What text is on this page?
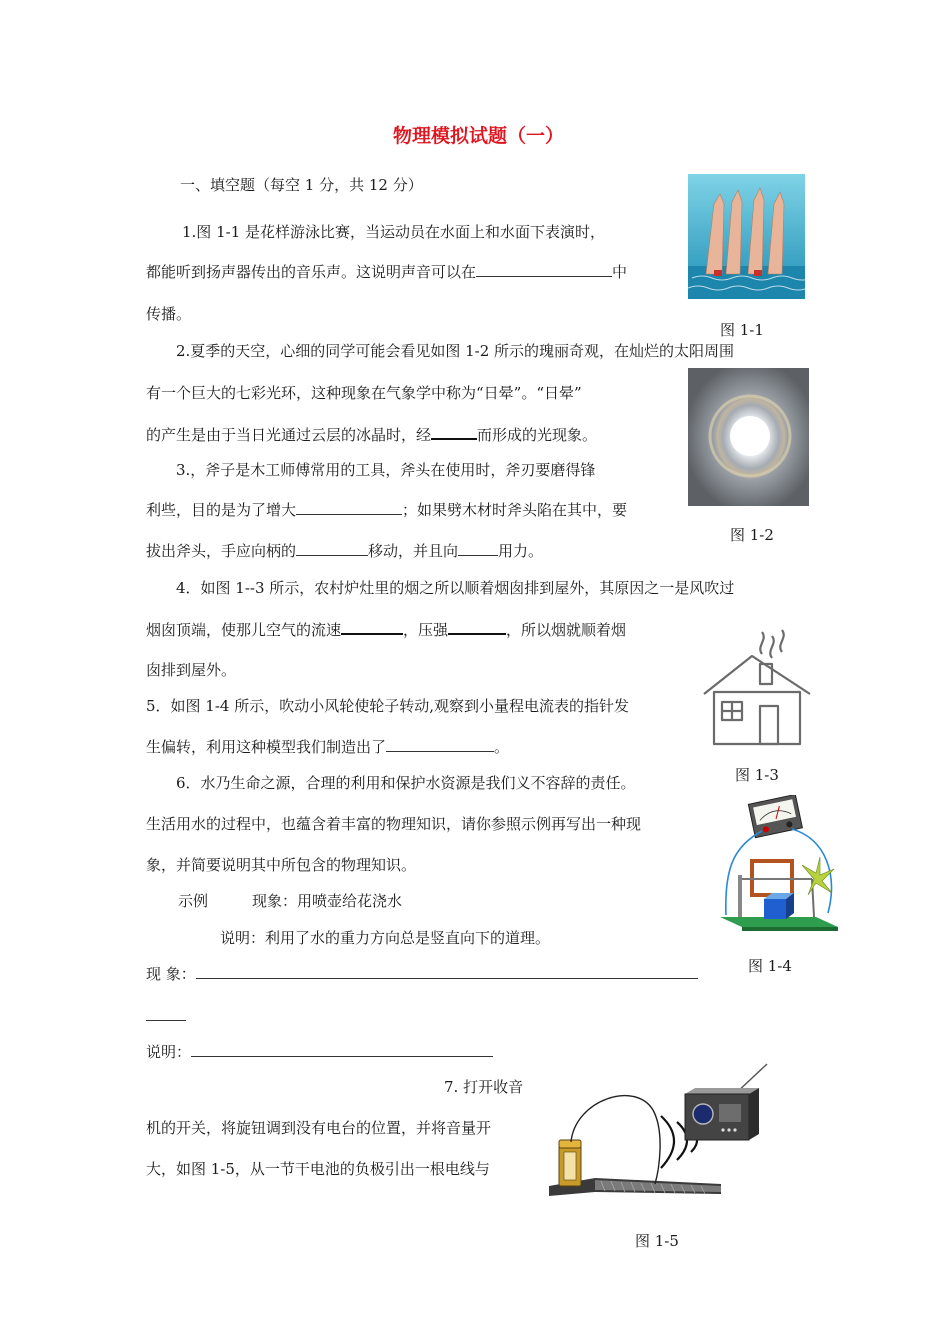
物理模拟试题（一）
一、填空题（每空 1 分，共 12 分）
1.图 1-1 是花样游泳比赛，当运动员在水面上和水面下表演时，
都能听到扬声器传出的音乐声。这说明声音可以在	中
传播。
图 1-1
2.夏季的天空，心细的同学可能会看见如图 1-2 所示的瑰丽奇观，在灿烂的太阳周围
有一个巨大的七彩光环，这种现象在气象学中称为“日晕”。“日晕”
的产生是由于当日光通过云层的冰晶时，经	而形成的光现象。
图 1-2
3.，斧子是木工师傅常用的工具，斧头在使用时，斧刃要磨得锋
利些，目的是为了增大	；如果劈木材时斧头陷在其中，要
拔出斧头，手应向柄的	移动，并且向	用力。
4．如图 1--3 所示，农村炉灶里的烟之所以顺着烟囱排到屋外，其原因之一是风吹过
烟囱顶端，使那儿空气的流速	，压强	，所以烟就顺着烟
囱排到屋外。
图 1-3
5．如图 1-4 所示，吹动小风轮使轮子转动,观察到小量程电流表的指针发
生偏转，利用这种模型我们制造出了	。
6．水乃生命之源，合理的利用和保护水资源是我们义不容辞的责任。
生活用水的过程中，也蕴含着丰富的物理知识，请你参照示例再写出一种现
象，并简要说明其中所包含的物理知识。
示例	现象：用喷壶给花浇水
说明：利用了水的重力方向总是竖直向下的道理。
现 象：
说明：
图 1-4
7. 打开收音
机的开关，将旋钮调到没有电台的位置，并将音量开
大，如图 1-5，从一节干电池的负极引出一根电线与
图 1-5
